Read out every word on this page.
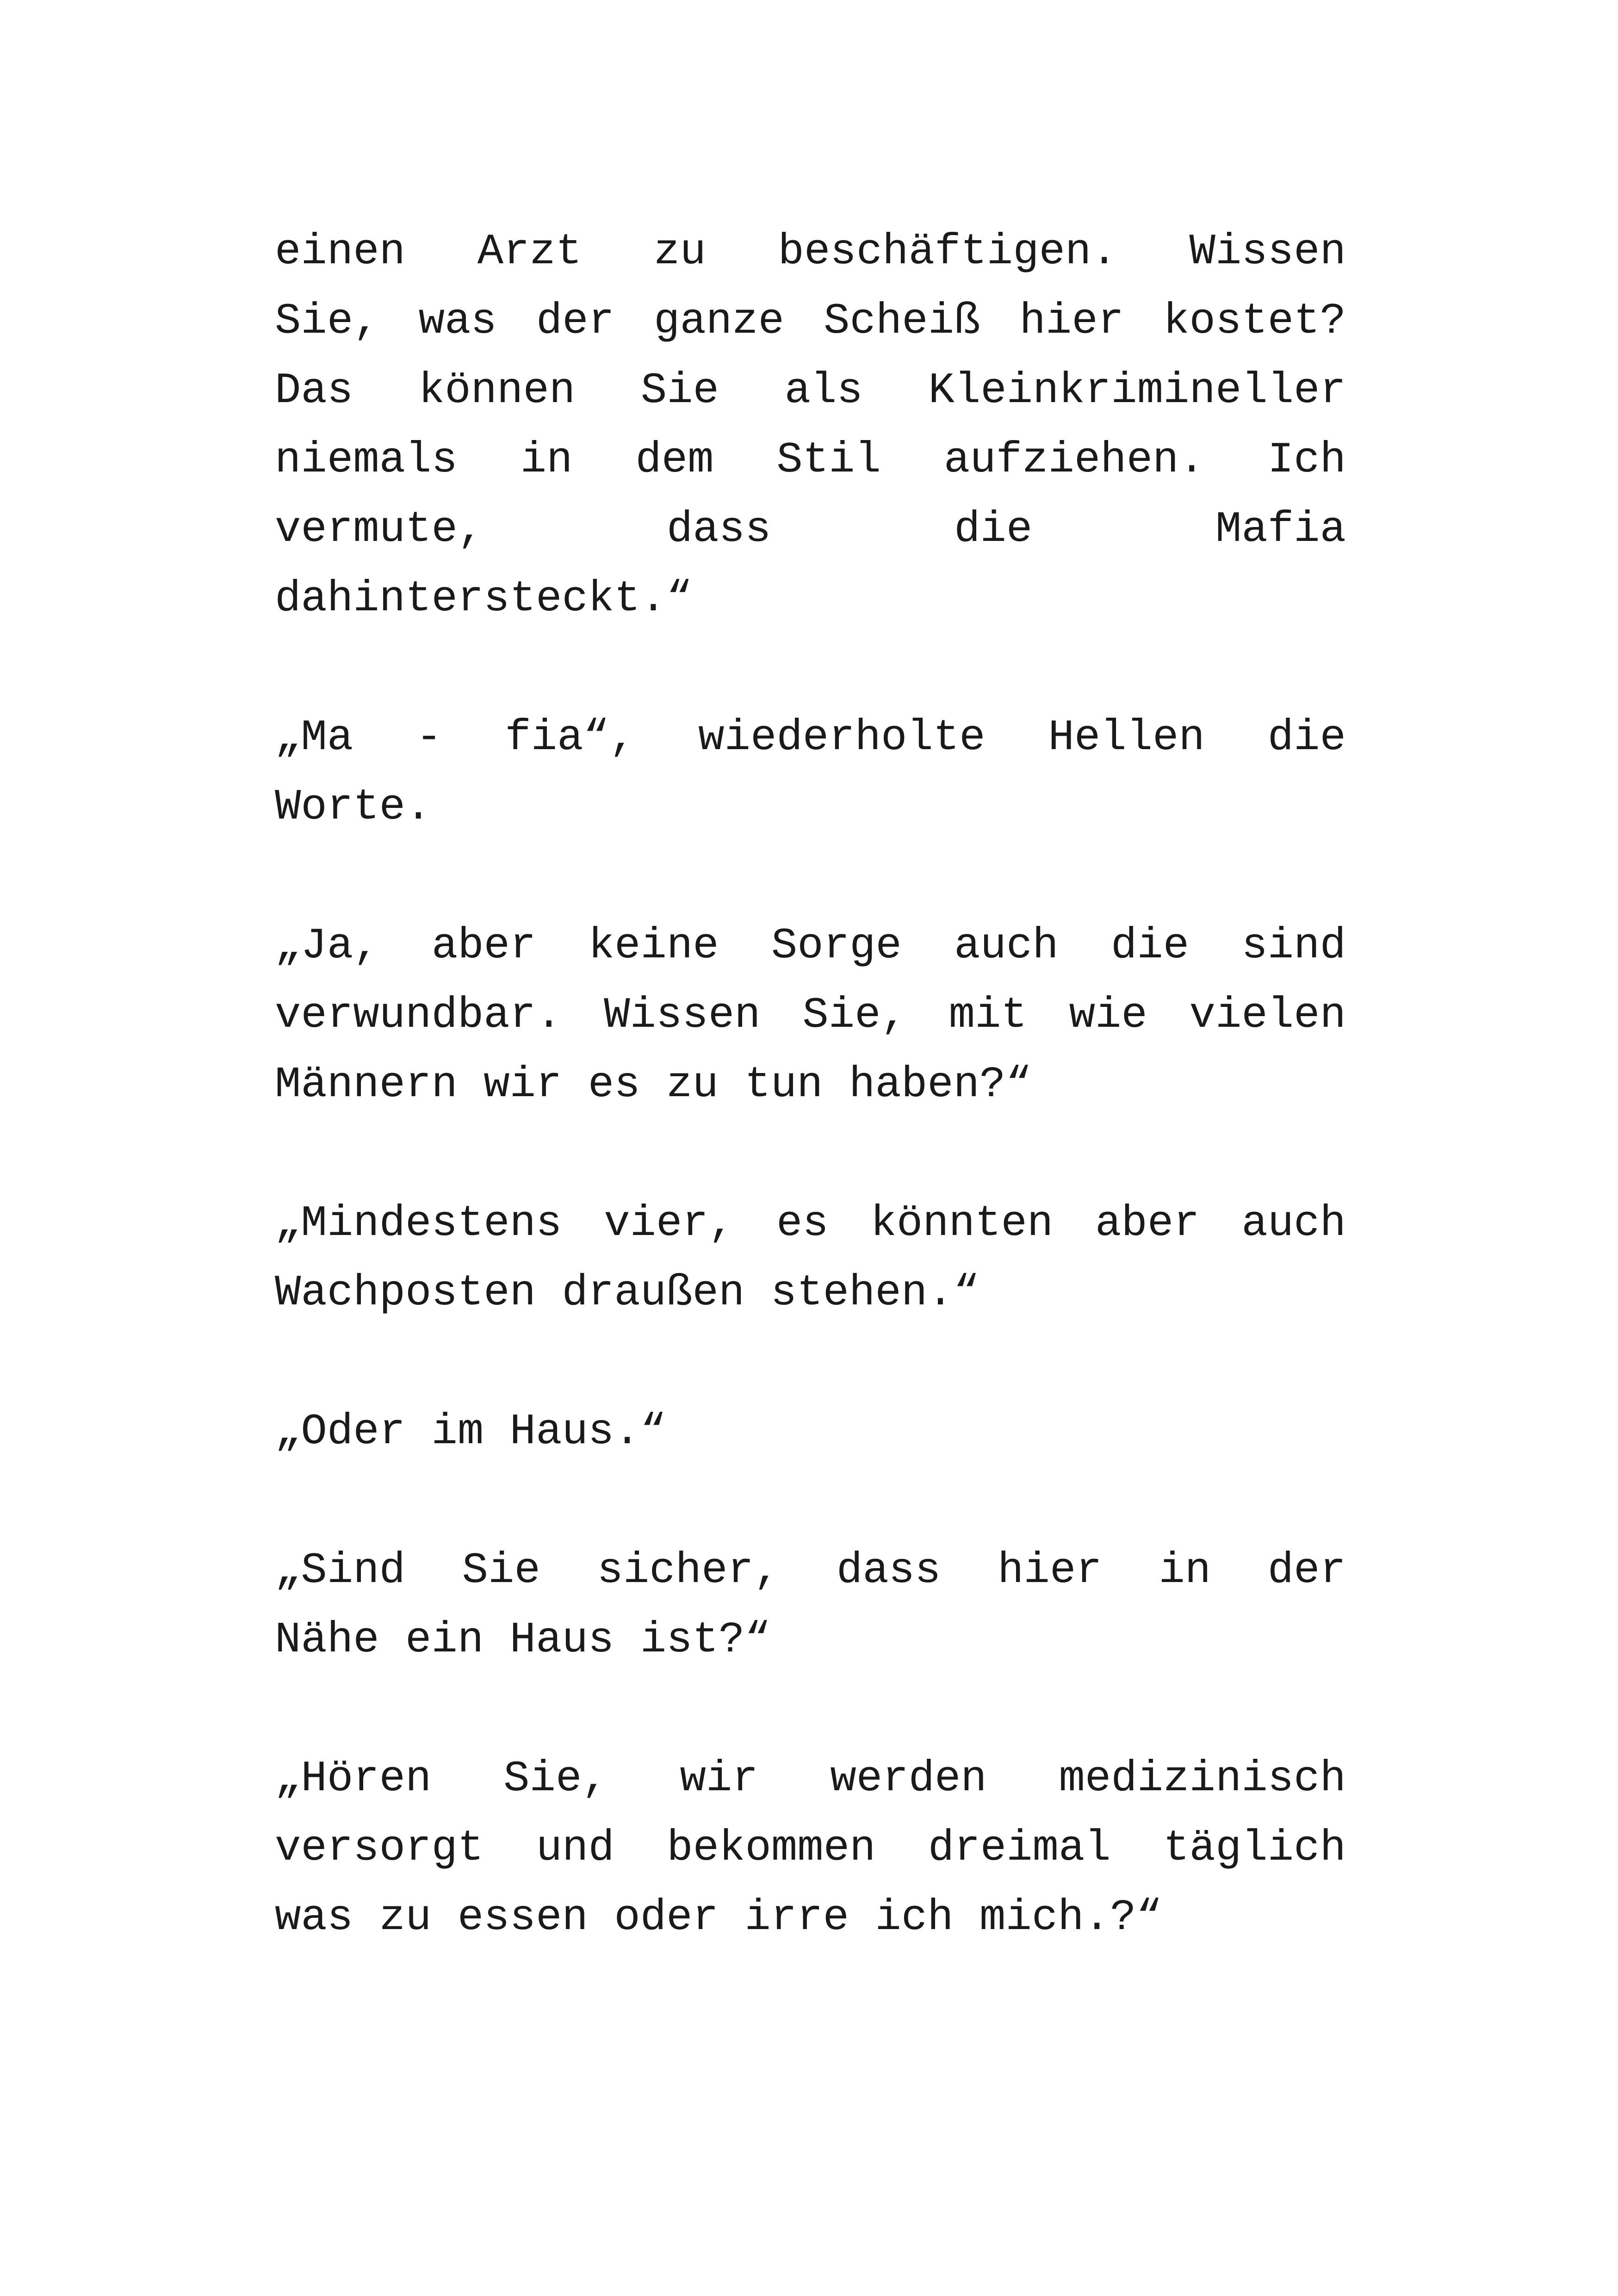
einen Arzt zu beschäftigen. Wissen
Sie, was der ganze Scheiß hier kostet?
Das können Sie als Kleinkrimineller
niemals in dem Stil aufziehen. Ich
vermute, dass die Mafia
dahintersteckt.“
„Ma - fia“, wiederholte Hellen die
Worte.
„Ja, aber keine Sorge auch die sind
verwundbar. Wissen Sie, mit wie vielen
Männern wir es zu tun haben?“
„Mindestens vier, es könnten aber auch
Wachposten draußen stehen.“
„Oder im Haus.“
„Sind Sie sicher, dass hier in der
Nähe ein Haus ist?“
„Hören Sie, wir werden medizinisch
versorgt und bekommen dreimal täglich
was zu essen oder irre ich mich.?“
